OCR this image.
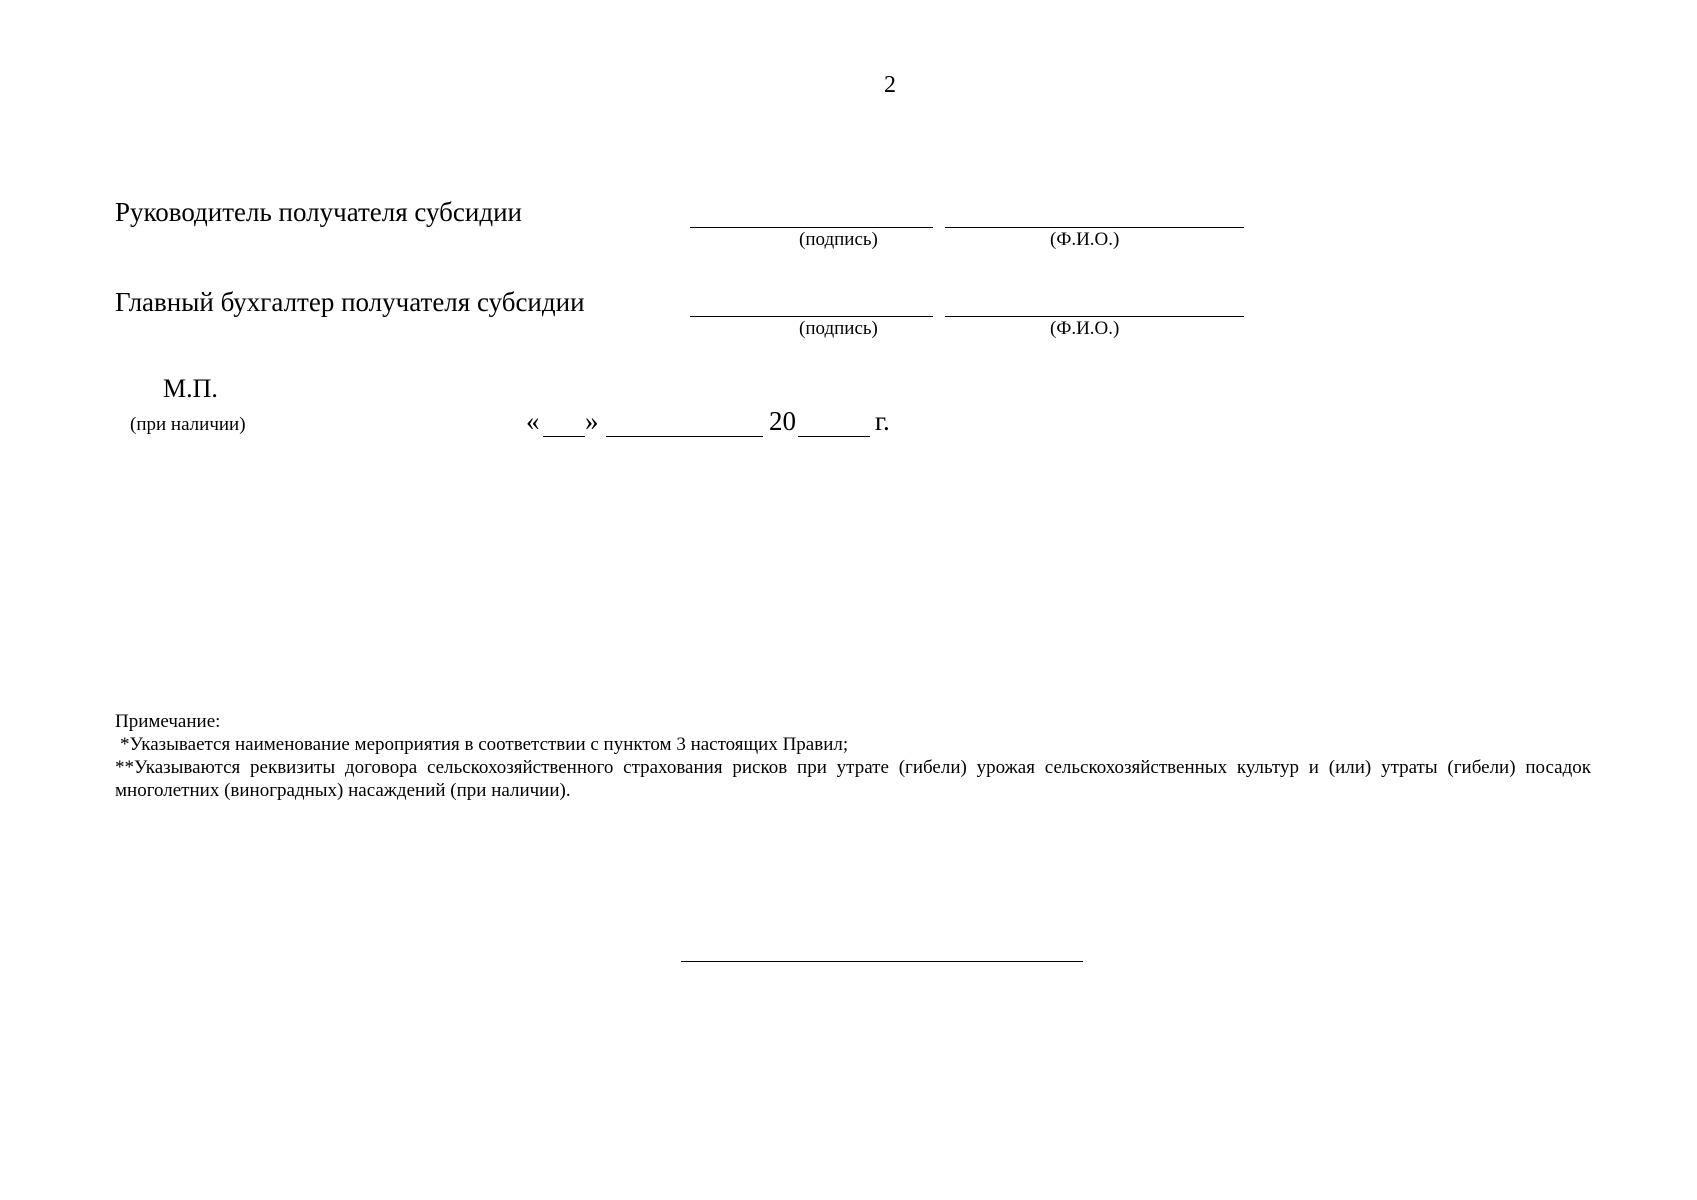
2
Руководитель получателя субсидии
(подпись)	(Ф.И.О.)
Главный бухгалтер получателя субсидии
(подпись)	(Ф.И.О.)
М.П.
(при наличии)	« »	20	г.
Примечание:
*Указывается наименование мероприятия в соответствии с пунктом 3 настоящих Правил;
**Указываются реквизиты договора сельскохозяйственного страхования рисков при утрате (гибели) урожая сельскохозяйственных культур и (или) утраты (гибели) посадок многолетних (виноградных) насаждений (при наличии).
